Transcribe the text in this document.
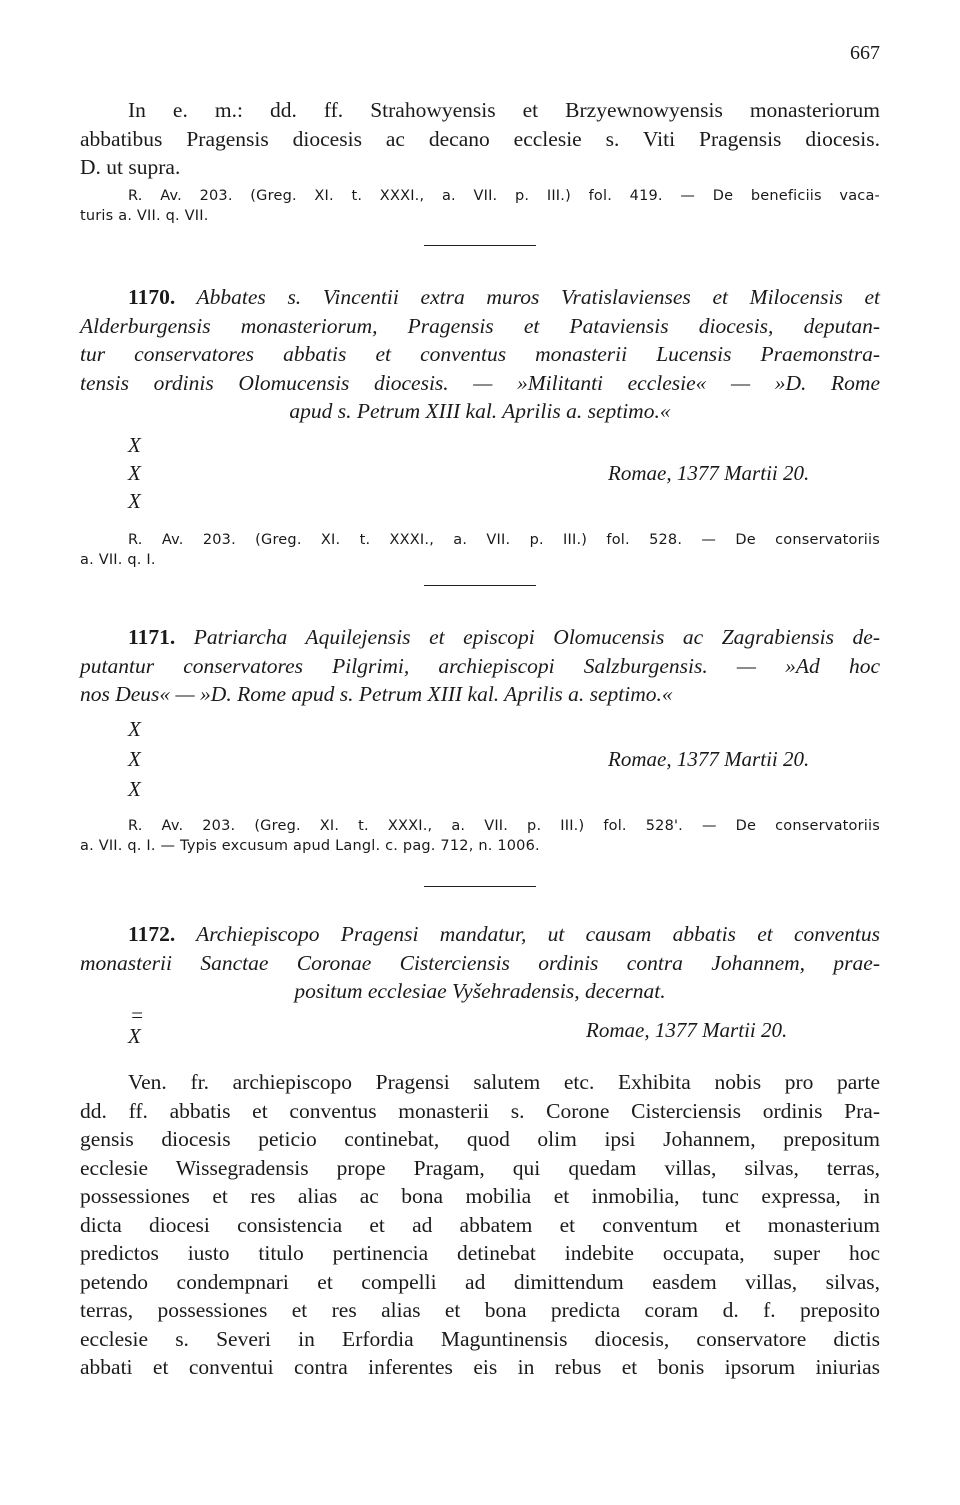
667
In e. m.: dd. ff. Strahowyensis et Brzyewnowyensis monasteriorum
abbatibus Pragensis diocesis ac decano ecclesie s. Viti Pragensis diocesis.
D. ut supra.
R. Av. 203. (Greg. XI. t. XXXI., a. VII. p. III.) fol. 419. — De beneficiis vaca-
turis a. VII. q. VII.
1170. Abbates s. Vincentii extra muros Vratislavienses et Milocensis et
Alderburgensis monasteriorum, Pragensis et Pataviensis diocesis, deputan-
tur conservatores abbatis et conventus monasterii Lucensis Praemonstra-
tensis ordinis Olomucensis diocesis. — »Militanti ecclesie« — »D. Rome
apud s. Petrum XIII kal. Aprilis a. septimo.«
X
X	Romae, 1377 Martii 20.
X
R. Av. 203. (Greg. XI. t. XXXI., a. VII. p. III.) fol. 528. — De conservatoriis
a. VII. q. I.
1171. Patriarcha Aquilejensis et episcopi Olomucensis ac Zagrabiensis de-
putantur conservatores Pilgrimi, archiepiscopi Salzburgensis. — »Ad hoc
nos Deus« — »D. Rome apud s. Petrum XIII kal. Aprilis a. septimo.«
X
X	Romae, 1377 Martii 20.
X
R. Av. 203. (Greg. XI. t. XXXI., a. VII. p. III.) fol. 528'. — De conservatoriis
a. VII. q. I. — Typis excusum apud Langl. c. pag. 712, n. 1006.
1172. Archiepiscopo Pragensi mandatur, ut causam abbatis et conventus
monasterii Sanctae Coronae Cisterciensis ordinis contra Johannem, prae-
positum ecclesiae Vyšehradensis, decernat.
=
X	Romae, 1377 Martii 20.
Ven. fr. archiepiscopo Pragensi salutem etc. Exhibita nobis pro parte
dd. ff. abbatis et conventus monasterii s. Corone Cisterciensis ordinis Pra-
gensis diocesis peticio continebat, quod olim ipsi Johannem, prepositum
ecclesie Wissegradensis prope Pragam, qui quedam villas, silvas, terras,
possessiones et res alias ac bona mobilia et inmobilia, tunc expressa, in
dicta diocesi consistencia et ad abbatem et conventum et monasterium
predictos iusto titulo pertinencia detinebat indebite occupata, super hoc
petendo condempnari et compelli ad dimittendum easdem villas, silvas,
terras, possessiones et res alias et bona predicta coram d. f. preposito
ecclesie s. Severi in Erfordia Maguntinensis diocesis, conservatore dictis
abbati et conventui contra inferentes eis in rebus et bonis ipsorum iniurias
